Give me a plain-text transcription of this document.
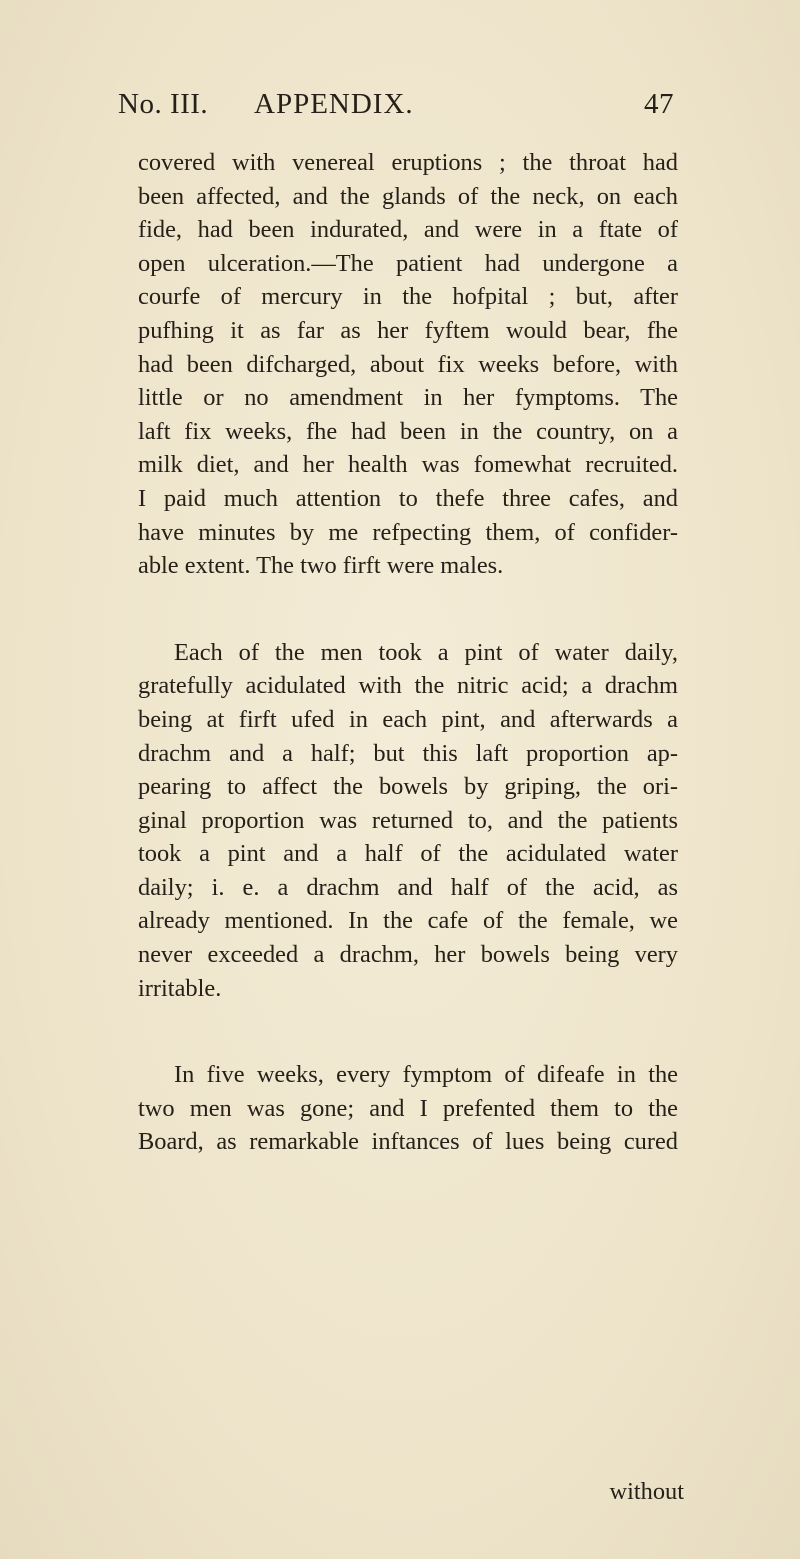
No. III. APPENDIX.	47
covered with venereal eruptions ; the throat had
been affected, and the glands of the neck, on each
fide, had been indurated, and were in a ftate of
open ulceration.—The patient had undergone a
courfe of mercury in the hofpital ; but, after
pufhing it as far as her fyftem would bear, fhe
had been difcharged, about fix weeks before, with
little or no amendment in her fymptoms. The
laft fix weeks, fhe had been in the country, on a
milk diet, and her health was fomewhat recruited.
I paid much attention to thefe three cafes, and
have minutes by me refpecting them, of confider-
able extent. The two firft were males.
Each of the men took a pint of water daily,
gratefully acidulated with the nitric acid; a drachm
being at firft ufed in each pint, and afterwards a
drachm and a half; but this laft proportion ap-
pearing to affect the bowels by griping, the ori-
ginal proportion was returned to, and the patients
took a pint and a half of the acidulated water
daily; i. e. a drachm and half of the acid, as
already mentioned. In the cafe of the female, we
never exceeded a drachm, her bowels being very
irritable.
In five weeks, every fymptom of difeafe in the
two men was gone; and I prefented them to the
Board, as remarkable inftances of lues being cured
without
